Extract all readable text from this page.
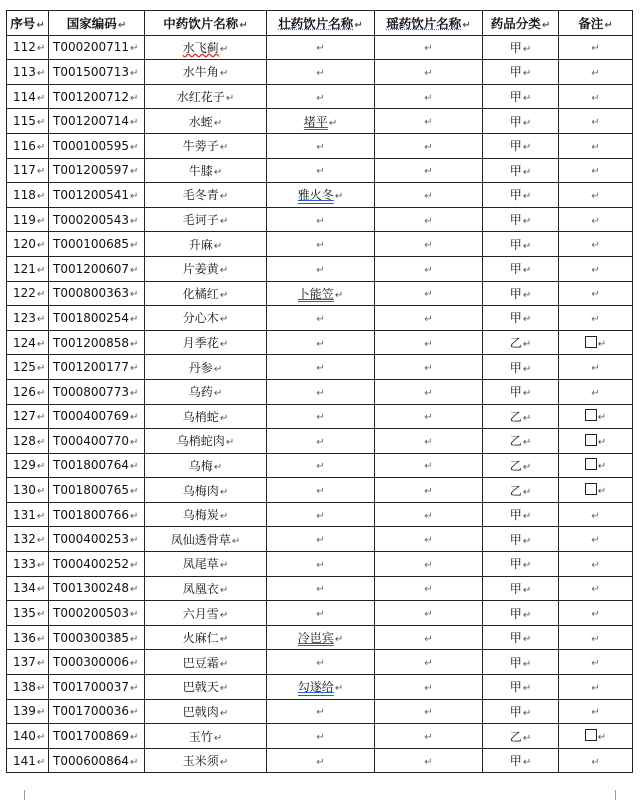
序号↵	国家编码↵	中药饮片名称↵	壮药饮片名称↵	瑶药饮片名称↵	药品分类↵	备注↵
112↵	T000200711↵	水飞蓟↵	↵	↵	甲↵	↵
113↵	T001500713↵	水牛角↵	↵	↵	甲↵	↵
114↵	T001200712↵	水红花子↵	↵	↵	甲↵	↵
115↵	T001200714↵	水蛭↵	堵平↵	↵	甲↵	↵
116↵	T000100595↵	牛蒡子↵	↵	↵	甲↵	↵
117↵	T001200597↵	牛膝↵	↵	↵	甲↵	↵
118↵	T001200541↵	毛冬青↵	雅火冬↵	↵	甲↵	↵
119↵	T000200543↵	毛诃子↵	↵	↵	甲↵	↵
120↵	T000100685↵	升麻↵	↵	↵	甲↵	↵
121↵	T001200607↵	片姜黄↵	↵	↵	甲↵	↵
122↵	T000800363↵	化橘红↵	卜能笠↵	↵	甲↵	↵
123↵	T001800254↵	分心木↵	↵	↵	甲↵	↵
124↵	T001200858↵	月季花↵	↵	↵	乙↵	↵
125↵	T001200177↵	丹参↵	↵	↵	甲↵	↵
126↵	T000800773↵	乌药↵	↵	↵	甲↵	↵
127↵	T000400769↵	乌梢蛇↵	↵	↵	乙↵	↵
128↵	T000400770↵	乌梢蛇肉↵	↵	↵	乙↵	↵
129↵	T001800764↵	乌梅↵	↵	↵	乙↵	↵
130↵	T001800765↵	乌梅肉↵	↵	↵	乙↵	↵
131↵	T001800766↵	乌梅炭↵	↵	↵	甲↵	↵
132↵	T000400253↵	凤仙透骨草↵	↵	↵	甲↵	↵
133↵	T000400252↵	凤尾草↵	↵	↵	甲↵	↵
134↵	T001300248↵	凤凰衣↵	↵	↵	甲↵	↵
135↵	T000200503↵	六月雪↵	↵	↵	甲↵	↵
136↵	T000300385↵	火麻仁↵	冷岜宾↵	↵	甲↵	↵
137↵	T000300006↵	巴豆霜↵	↵	↵	甲↵	↵
138↵	T001700037↵	巴戟天↵	勾遂给↵	↵	甲↵	↵
139↵	T001700036↵	巴戟肉↵	↵	↵	甲↵	↵
140↵	T001700869↵	玉竹↵	↵	↵	乙↵	↵
141↵	T000600864↵	玉米须↵	↵	↵	甲↵	↵
